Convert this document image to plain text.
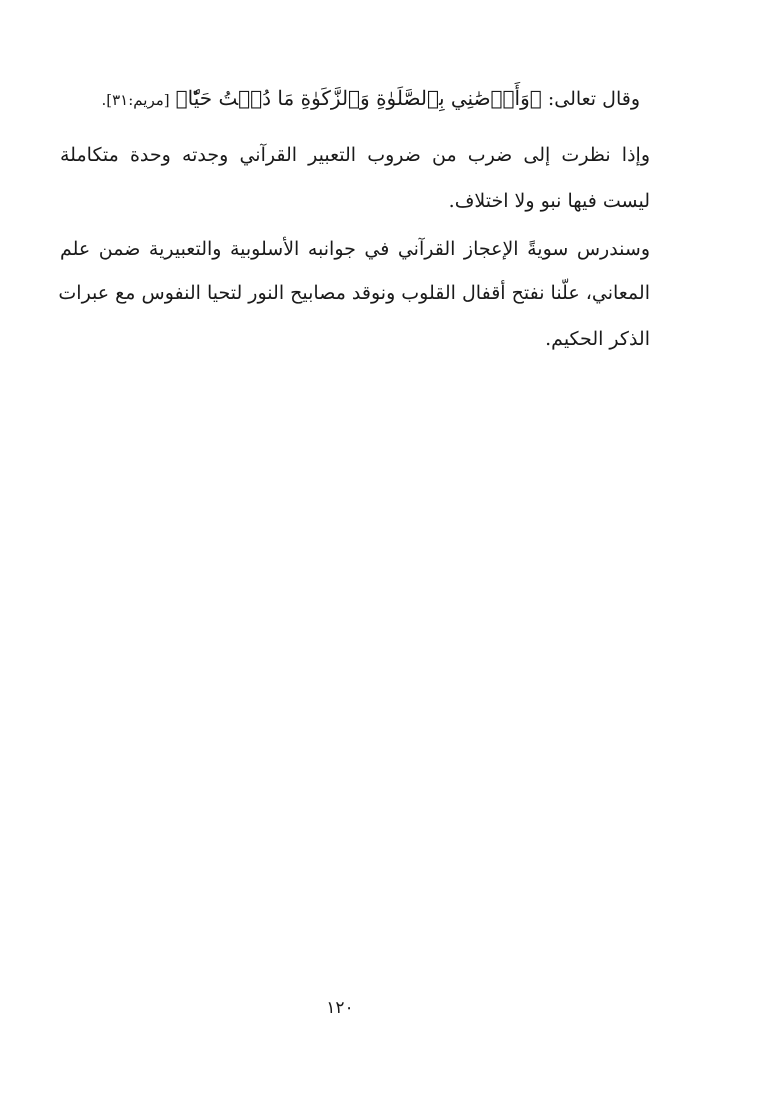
وقال تعالى: ﴿وَأَوۡصَٰنِي بِٱلصَّلَوٰةِ وَٱلزَّكَوٰةِ مَا دُمۡتُ حَيّٗا﴾ [مريم:٣١].
وإذا نظرت إلى ضرب من ضروب التعبير القرآني وجدته وحدة متكاملة
ليست فيها نبو ولا اختلاف.
وسندرس سويةً الإعجاز القرآني في جوانبه الأسلوبية والتعبيرية ضمن علم
المعاني، علّنا نفتح أقفال القلوب ونوقد مصابيح النور لتحيا النفوس مع عبرات
الذكر الحكيم.
١٢٠
